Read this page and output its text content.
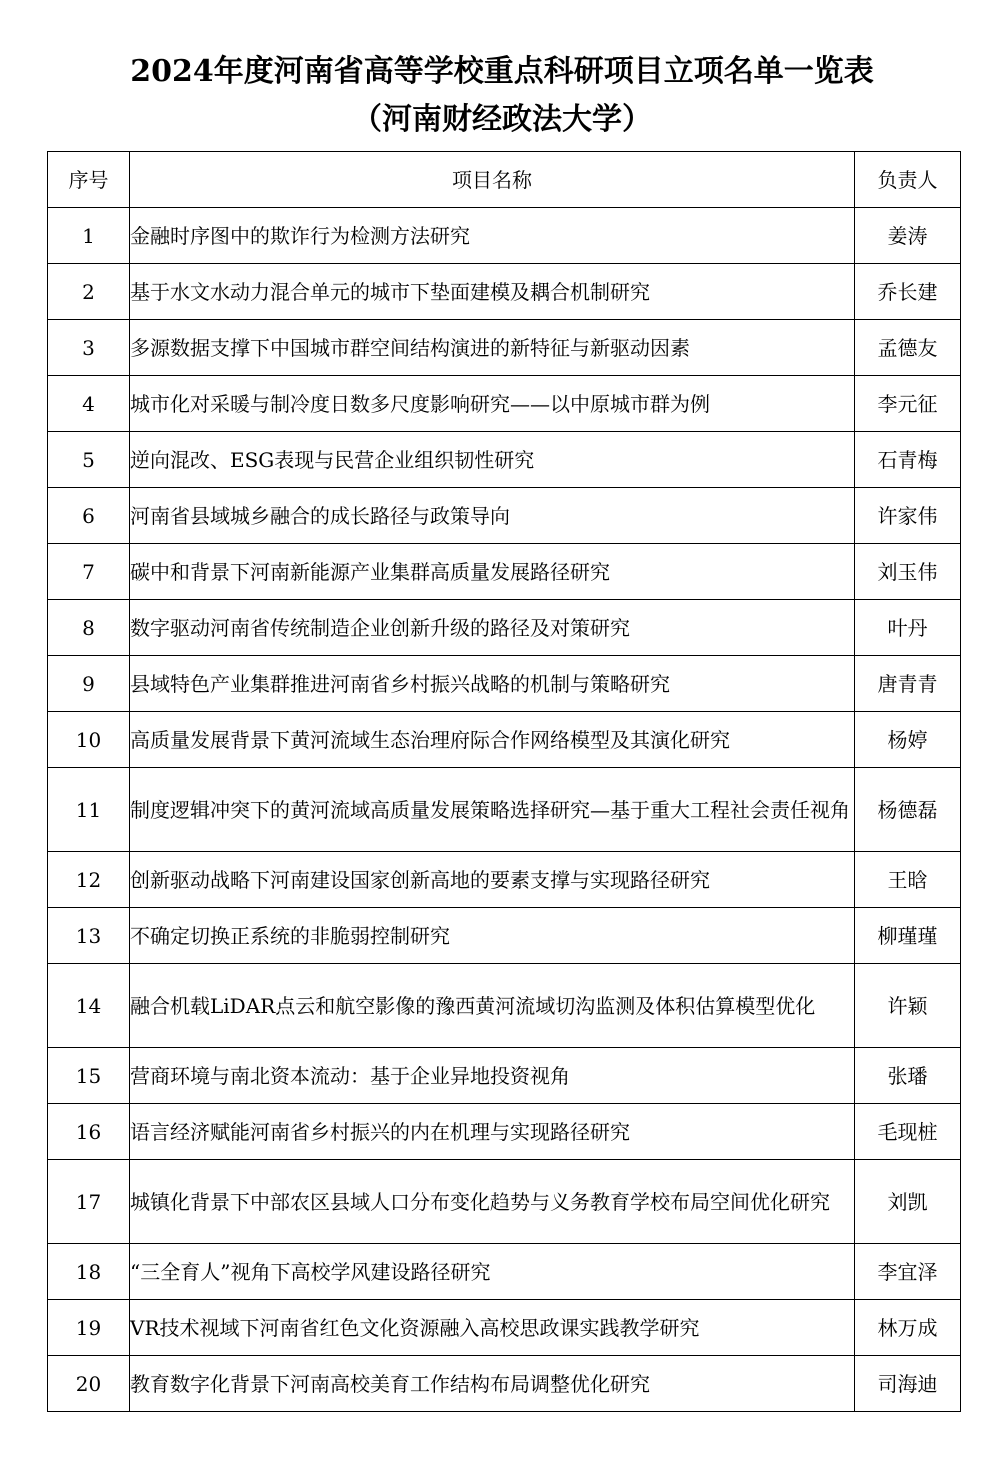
2024年度河南省高等学校重点科研项目立项名单一览表
（河南财经政法大学）
序号	项目名称	负责人
1	金融时序图中的欺诈行为检测方法研究	姜涛
2	基于水文水动力混合单元的城市下垫面建模及耦合机制研究	乔长建
3	多源数据支撑下中国城市群空间结构演进的新特征与新驱动因素	孟德友
4	城市化对采暖与制冷度日数多尺度影响研究——以中原城市群为例	李元征
5	逆向混改、ESG表现与民营企业组织韧性研究	石青梅
6	河南省县域城乡融合的成长路径与政策导向	许家伟
7	碳中和背景下河南新能源产业集群高质量发展路径研究	刘玉伟
8	数字驱动河南省传统制造企业创新升级的路径及对策研究	叶丹
9	县域特色产业集群推进河南省乡村振兴战略的机制与策略研究	唐青青
10	高质量发展背景下黄河流域生态治理府际合作网络模型及其演化研究	杨婷
11	制度逻辑冲突下的黄河流域高质量发展策略选择研究—基于重大工程社会责任视角	杨德磊
12	创新驱动战略下河南建设国家创新高地的要素支撑与实现路径研究	王晗
13	不确定切换正系统的非脆弱控制研究	柳瑾瑾
14	融合机载LiDAR点云和航空影像的豫西黄河流域切沟监测及体积估算模型优化	许颖
15	营商环境与南北资本流动：基于企业异地投资视角	张璠
16	语言经济赋能河南省乡村振兴的内在机理与实现路径研究	毛现桩
17	城镇化背景下中部农区县域人口分布变化趋势与义务教育学校布局空间优化研究	刘凯
18	“三全育人”视角下高校学风建设路径研究	李宜泽
19	VR技术视域下河南省红色文化资源融入高校思政课实践教学研究	林万成
20	教育数字化背景下河南高校美育工作结构布局调整优化研究	司海迪
